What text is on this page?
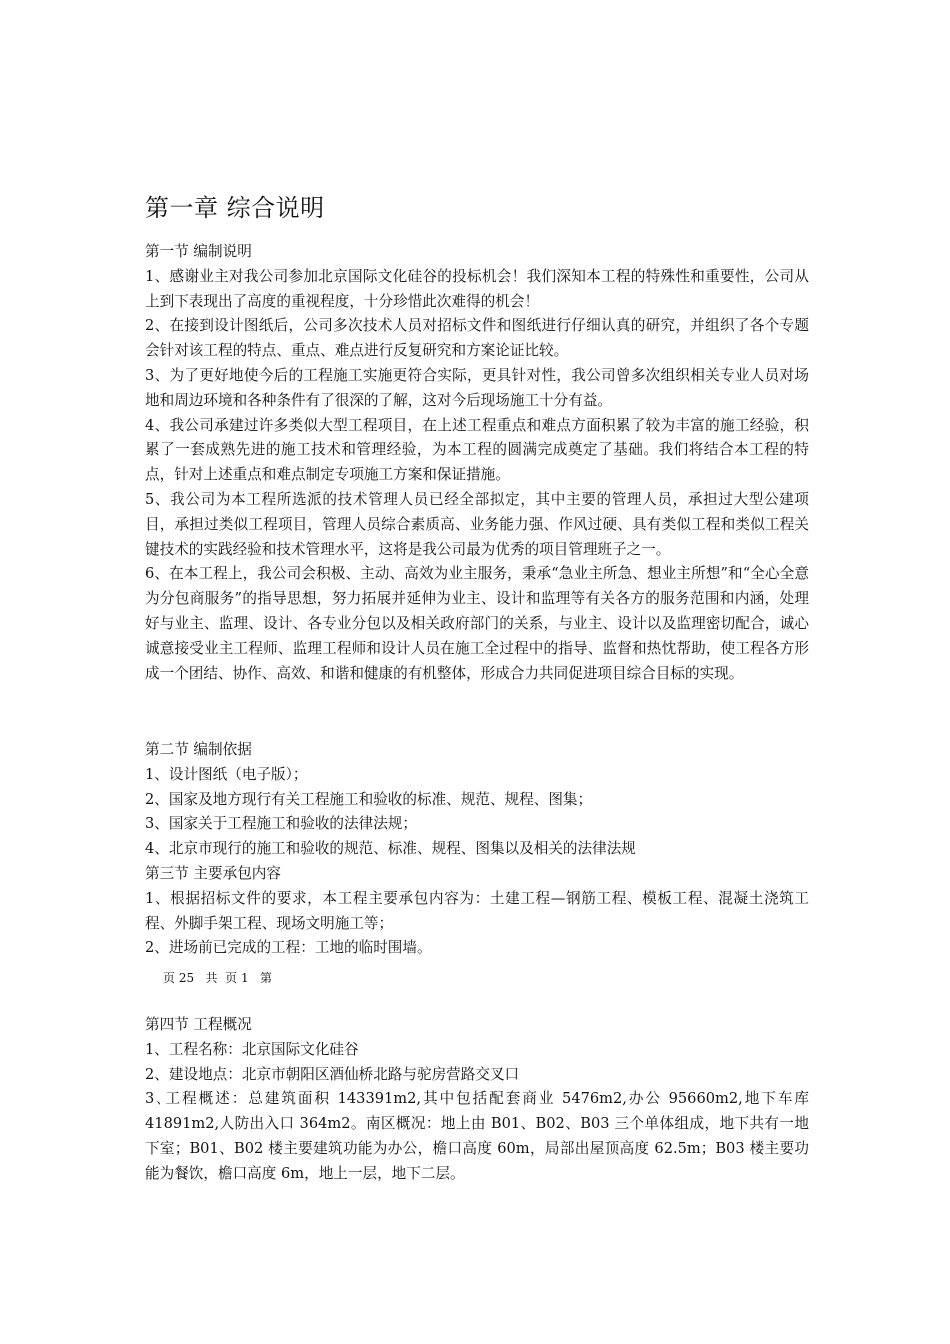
第一章 综合说明

第一节 编制说明

1、感谢业主对我公司参加北京国际文化硅谷的投标机会！我们深知本工程的特殊性和重要性，公司从上到下表现出了高度的重视程度，十分珍惜此次难得的机会！

2、在接到设计图纸后，公司多次技术人员对招标文件和图纸进行仔细认真的研究，并组织了各个专题会针对该工程的特点、重点、难点进行反复研究和方案论证比较。

3、为了更好地使今后的工程施工实施更符合实际，更具针对性，我公司曾多次组织相关专业人员对场地和周边环境和各种条件有了很深的了解，这对今后现场施工十分有益。

4、我公司承建过许多类似大型工程项目，在上述工程重点和难点方面积累了较为丰富的施工经验，积累了一套成熟先进的施工技术和管理经验，为本工程的圆满完成奠定了基础。我们将结合本工程的特点，针对上述重点和难点制定专项施工方案和保证措施。

5、我公司为本工程所选派的技术管理人员已经全部拟定，其中主要的管理人员，承担过大型公建项目，承担过类似工程项目，管理人员综合素质高、业务能力强、作风过硬、具有类似工程和类似工程关键技术的实践经验和技术管理水平，这将是我公司最为优秀的项目管理班子之一。

6、在本工程上，我公司会积极、主动、高效为业主服务，秉承“急业主所急、想业主所想”和“全心全意为分包商服务”的指导思想，努力拓展并延伸为业主、设计和监理等有关各方的服务范围和内涵，处理好与业主、监理、设计、各专业分包以及相关政府部门的关系，与业主、设计以及监理密切配合，诚心诚意接受业主工程师、监理工程师和设计人员在施工全过程中的指导、监督和热忱帮助，使工程各方形成一个团结、协作、高效、和谐和健康的有机整体，形成合力共同促进项目综合目标的实现。

第二节 编制依据

1、设计图纸（电子版）；

2、国家及地方现行有关工程施工和验收的标准、规范、规程、图集；

3、国家关于工程施工和验收的法律法规；

4、北京市现行的施工和验收的规范、标准、规程、图集以及相关的法律法规

第三节 主要承包内容

1、根据招标文件的要求，本工程主要承包内容为：土建工程—钢筋工程、模板工程、混凝土浇筑工程、外脚手架工程、现场文明施工等；

2、进场前已完成的工程：工地的临时围墙。

页 25   共  页 1   第

第四节 工程概况

1、工程名称：北京国际文化硅谷

2、建设地点：北京市朝阳区酒仙桥北路与驼房营路交叉口

3､工程概述：总建筑面积 143391m2,其中包括配套商业 5476m2,办公 95660m2,地下车库 41891m2,人防出入口 364m2。南区概况：地上由 B01、B02、B03 三个单体组成，地下共有一地下室；B01、B02 楼主要建筑功能为办公，檐口高度 60m，局部出屋顶高度 62.5m；B03 楼主要功能为餐饮，檐口高度 6m，地上一层，地下二层。
